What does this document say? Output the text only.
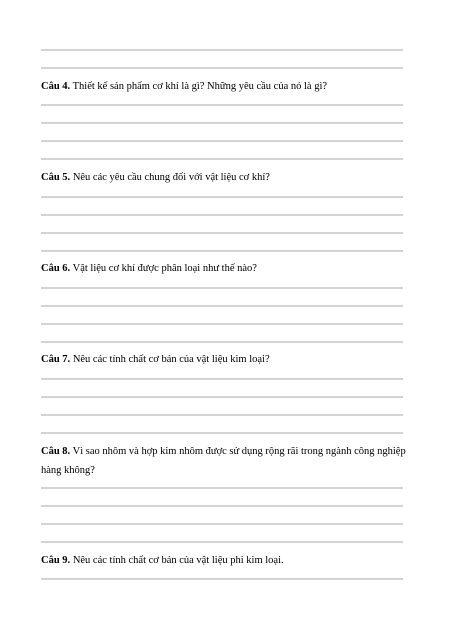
Câu 4. Thiết kế sản phẩm cơ khí là gì? Những yêu cầu của nó là gì?
Câu 5. Nêu các yêu cầu chung đối với vật liệu cơ khí?
Câu 6. Vật liệu cơ khí được phân loại như thế nào?
Câu 7. Nêu các tính chất cơ bản của vật liệu kim loại?
Câu 8. Vì sao nhôm và hợp kim nhôm được sử dụng rộng rãi trong ngành công nghiệp hàng không?
Câu 9. Nêu các tính chất cơ bản của vật liệu phi kim loại.
